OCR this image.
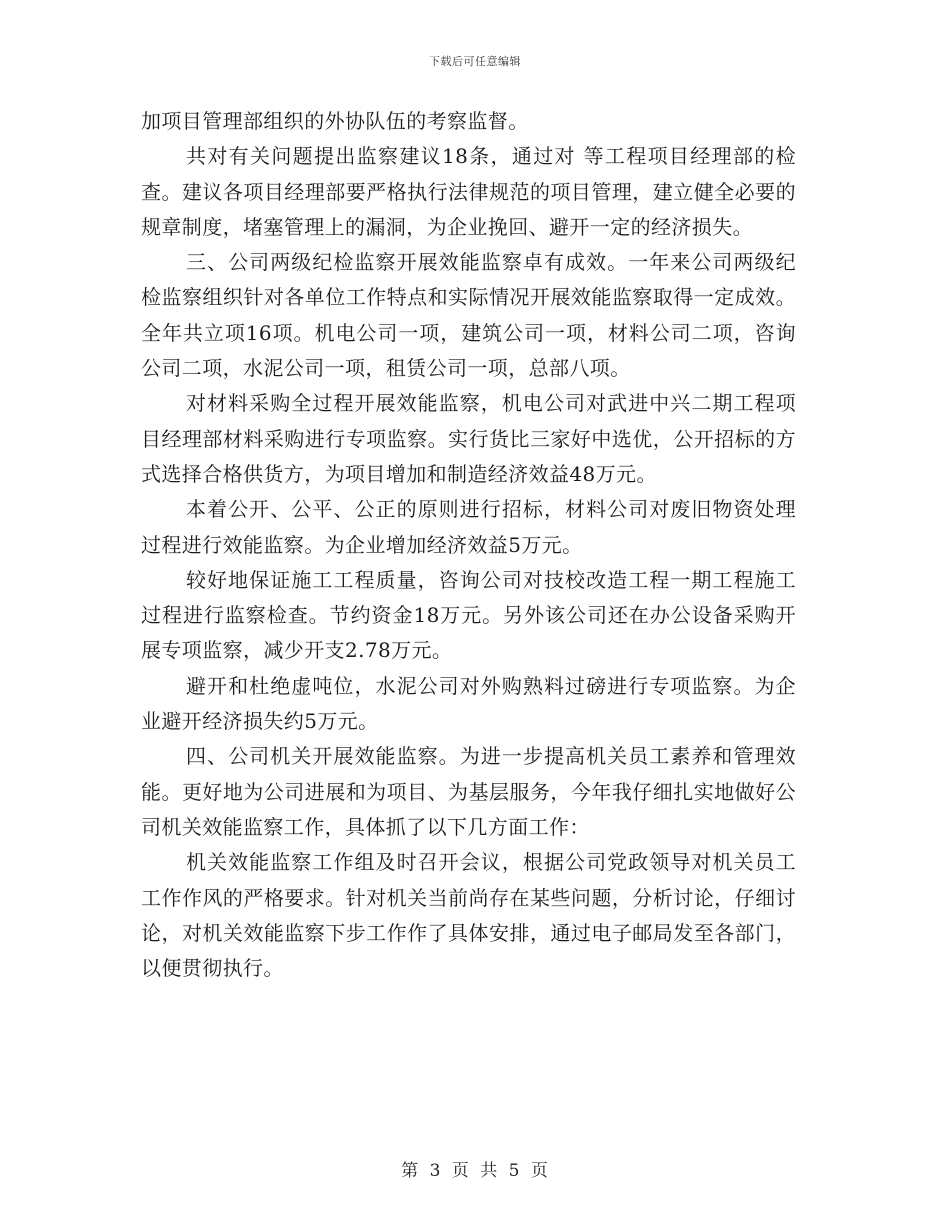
下载后可任意编辑

加项目管理部组织的外协队伍的考察监督。

共对有关问题提出监察建议18条，通过对 等工程项目经理部的检查。建议各项目经理部要严格执行法律规范的项目管理，建立健全必要的规章制度，堵塞管理上的漏洞，为企业挽回、避开一定的经济损失。

三、公司两级纪检监察开展效能监察卓有成效。一年来公司两级纪检监察组织针对各单位工作特点和实际情况开展效能监察取得一定成效。全年共立项16项。机电公司一项，建筑公司一项，材料公司二项，咨询公司二项，水泥公司一项，租赁公司一项，总部八项。

对材料采购全过程开展效能监察，机电公司对武进中兴二期工程项目经理部材料采购进行专项监察。实行货比三家好中选优，公开招标的方式选择合格供货方，为项目增加和制造经济效益48万元。

本着公开、公平、公正的原则进行招标，材料公司对废旧物资处理过程进行效能监察。为企业增加经济效益5万元。

较好地保证施工工程质量，咨询公司对技校改造工程一期工程施工过程进行监察检查。节约资金18万元。另外该公司还在办公设备采购开展专项监察，减少开支2.78万元。

避开和杜绝虚吨位，水泥公司对外购熟料过磅进行专项监察。为企业避开经济损失约5万元。

四、公司机关开展效能监察。为进一步提高机关员工素养和管理效能。更好地为公司进展和为项目、为基层服务，今年我仔细扎实地做好公司机关效能监察工作，具体抓了以下几方面工作：

机关效能监察工作组及时召开会议，根据公司党政领导对机关员工工作作风的严格要求。针对机关当前尚存在某些问题，分析讨论，仔细讨论，对机关效能监察下步工作作了具体安排，通过电子邮局发至各部门，以便贯彻执行。

第 3 页 共 5 页
